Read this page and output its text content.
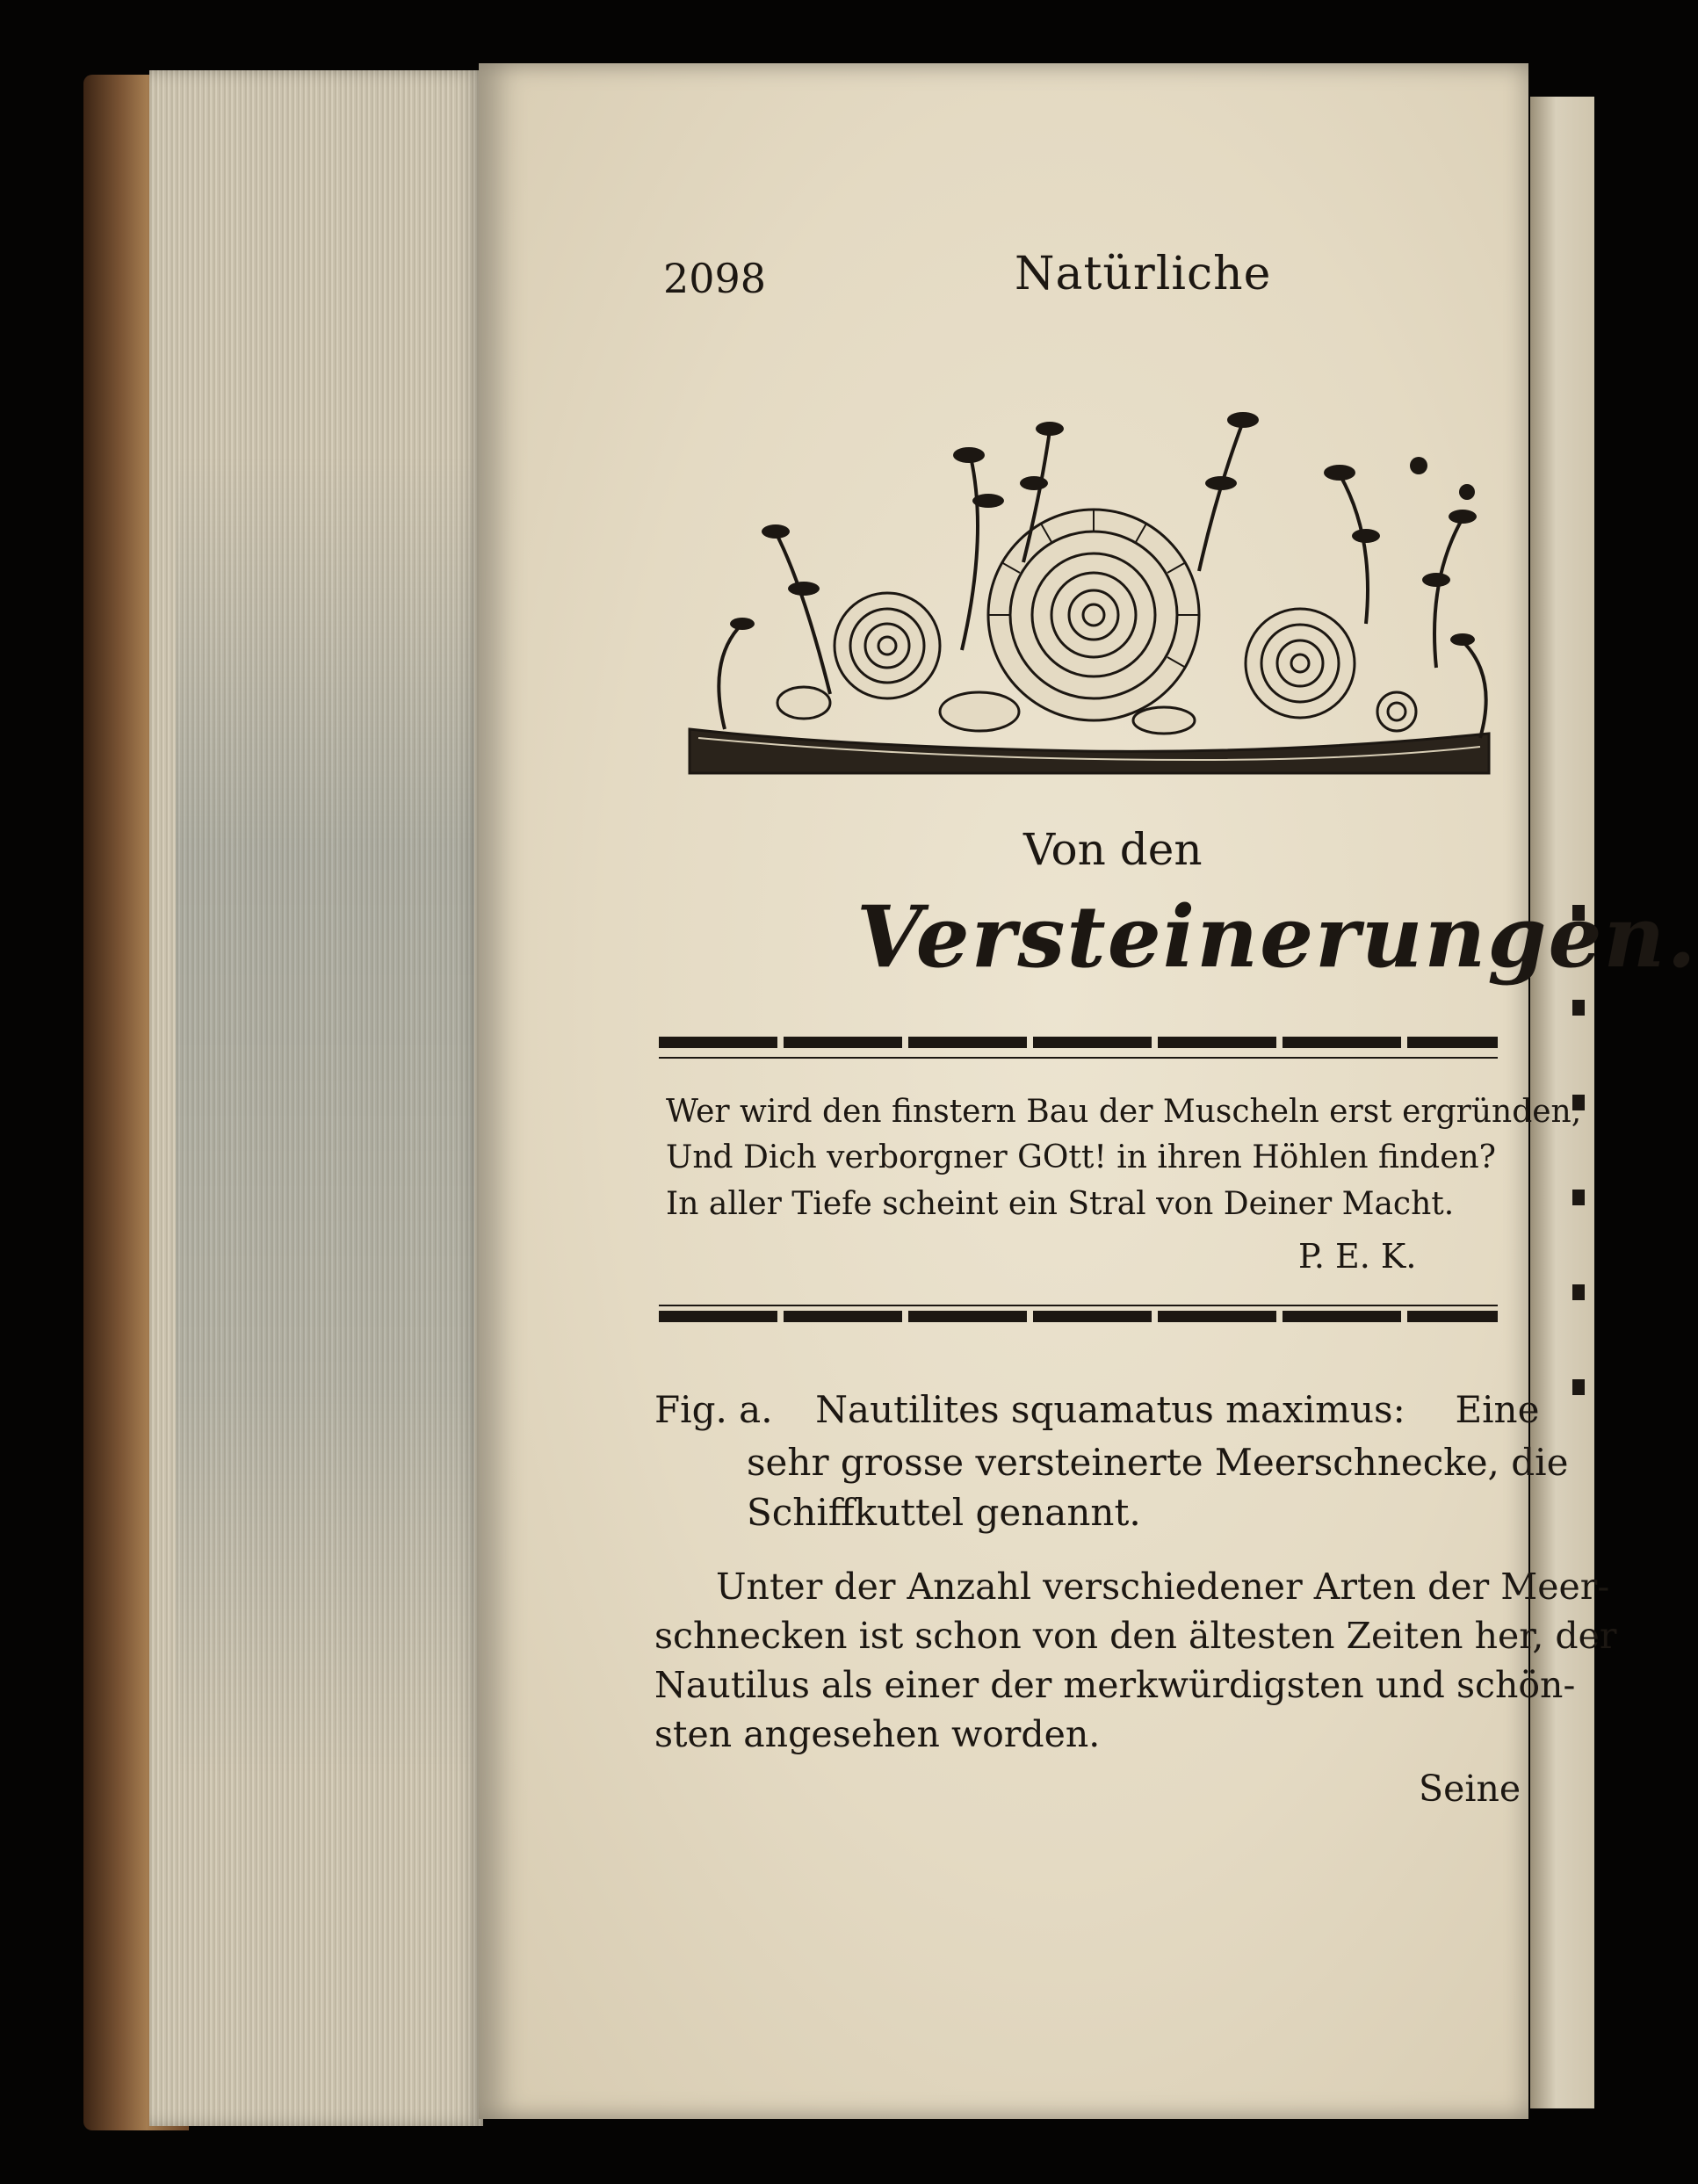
2098	Natürliche
Von den
Versteinerungen.
Wer wird den finstern Bau der Muscheln erst ergründen,
Und Dich verborgner GOtt! in ihren Höhlen finden?
In aller Tiefe scheint ein Stral von Deiner Macht.
P. E. K.
Fig. a. Nautilites squamatus maximus: Eine
sehr grosse versteinerte Meerschnecke, die
Schiffkuttel genannt.
Unter der Anzahl verschiedener Arten der Meer-
schnecken ist schon von den ältesten Zeiten her, der
Nautilus als einer der merkwürdigsten und schön-
sten angesehen worden.
Seine
